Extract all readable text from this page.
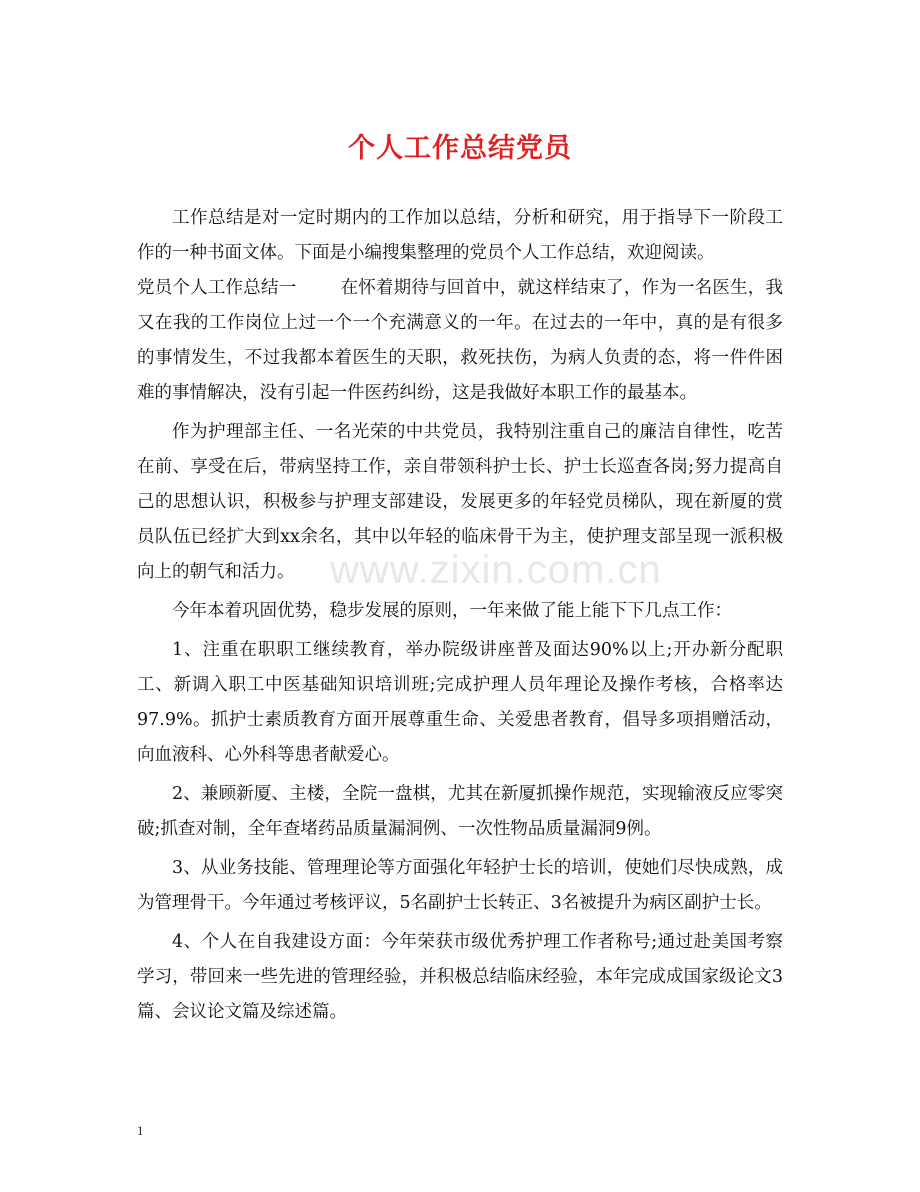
个人工作总结党员

工作总结是对一定时期内的工作加以总结，分析和研究，用于指导下一阶段工作的一种书面文体。下面是小编搜集整理的党员个人工作总结，欢迎阅读。

党员个人工作总结一	在怀着期待与回首中，就这样结束了，作为一名医生，我又在我的工作岗位上过一个一个充满意义的一年。在过去的一年中，真的是有很多的事情发生，不过我都本着医生的天职，救死扶伤，为病人负责的态，将一件件困难的事情解决，没有引起一件医药纠纷，这是我做好本职工作的最基本。

作为护理部主任、一名光荣的中共党员，我特别注重自己的廉洁自律性，吃苦在前、享受在后，带病坚持工作，亲自带领科护士长、护士长巡查各岗;努力提高自己的思想认识，积极参与护理支部建设，发展更多的年轻党员梯队，现在新厦的赏员队伍已经扩大到xx余名，其中以年轻的临床骨干为主，使护理支部呈现一派积极向上的朝气和活力。

今年本着巩固优势，稳步发展的原则，一年来做了能上能下下几点工作：

1、注重在职职工继续教育，举办院级讲座普及面达90%以上;开办新分配职工、新调入职工中医基础知识培训班;完成护理人员年理论及操作考核，合格率达97.9%。抓护士素质教育方面开展尊重生命、关爱患者教育，倡导多项捐赠活动，向血液科、心外科等患者献爱心。

2、兼顾新厦、主楼，全院一盘棋，尤其在新厦抓操作规范，实现输液反应零突破;抓查对制，全年查堵药品质量漏洞例、一次性物品质量漏洞9例。

3、从业务技能、管理理论等方面强化年轻护士长的培训，使她们尽快成熟，成为管理骨干。今年通过考核评议，5名副护士长转正、3名被提升为病区副护士长。

4、个人在自我建设方面：今年荣获市级优秀护理工作者称号;通过赴美国考察学习，带回来一些先进的管理经验，并积极总结临床经验，本年完成成国家级论文3篇、会议论文篇及综述篇。

www.zixin.com.cn
1
